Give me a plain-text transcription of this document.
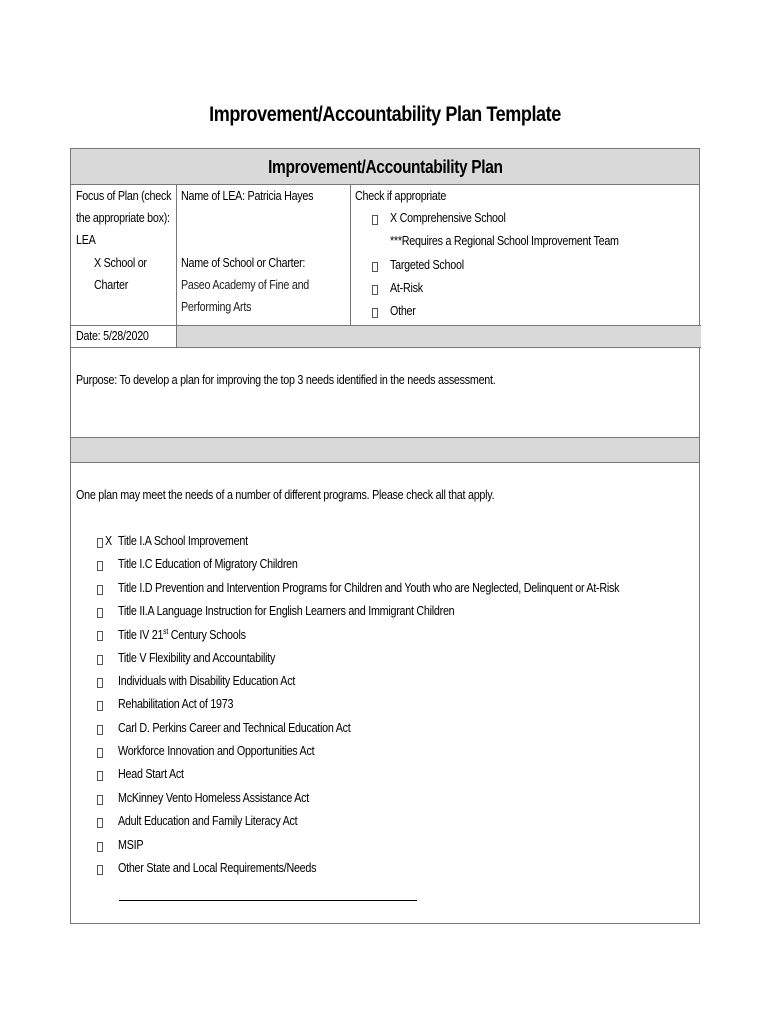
Improvement/Accountability Plan Template
Improvement/Accountability Plan
Focus of Plan (check
the appropriate box):
LEA
X School or
Charter
Name of LEA: Patricia Hayes
Name of School or Charter:
Paseo Academy of Fine and
Performing Arts
Check if appropriate
X Comprehensive School
***Requires a Regional School Improvement Team
Targeted School
At-Risk
Other
Date: 5/28/2020
Purpose: To develop a plan for improving the top 3 needs identified in the needs assessment.
One plan may meet the needs of a number of different programs. Please check all that apply.
X Title I.A School Improvement
Title I.C Education of Migratory Children
Title I.D Prevention and Intervention Programs for Children and Youth who are Neglected, Delinquent or At-Risk
Title II.A Language Instruction for English Learners and Immigrant Children
Title IV 21st Century Schools
Title V Flexibility and Accountability
Individuals with Disability Education Act
Rehabilitation Act of 1973
Carl D. Perkins Career and Technical Education Act
Workforce Innovation and Opportunities Act
Head Start Act
McKinney Vento Homeless Assistance Act
Adult Education and Family Literacy Act
MSIP
Other State and Local Requirements/Needs
